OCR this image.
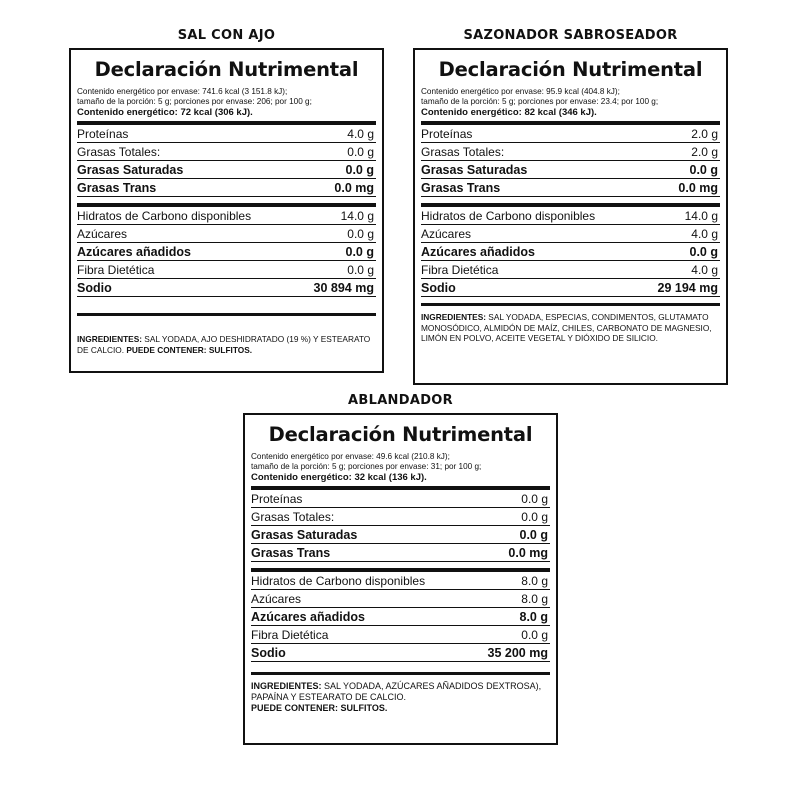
SAL CON AJO
Declaración Nutrimental
Contenido energético por envase: 741.6 kcal (3 151.8 kJ);
tamaño de la porción: 5 g; porciones por envase: 206; por 100 g;
Contenido energético: 72 kcal (306 kJ).
Proteínas	4.0 g
Grasas Totales:	0.0 g
Grasas Saturadas	0.0 g
Grasas Trans	0.0 mg
Hidratos de Carbono disponibles	14.0 g
Azúcares	0.0 g
Azúcares añadidos	0.0 g
Fibra Dietética	0.0 g
Sodio	30 894 mg
INGREDIENTES: SAL YODADA, AJO DESHIDRATADO (19 %) Y ESTEARATO DE CALCIO. PUEDE CONTENER: SULFITOS.
SAZONADOR SABROSEADOR
Declaración Nutrimental
Contenido energético por envase: 95.9 kcal (404.8 kJ);
tamaño de la porción: 5 g; porciones por envase: 23.4; por 100 g;
Contenido energético: 82 kcal (346 kJ).
Proteínas	2.0 g
Grasas Totales:	2.0 g
Grasas Saturadas	0.0 g
Grasas Trans	0.0 mg
Hidratos de Carbono disponibles	14.0 g
Azúcares	4.0 g
Azúcares añadidos	0.0 g
Fibra Dietética	4.0 g
Sodio	29 194 mg
INGREDIENTES: SAL YODADA, ESPECIAS, CONDIMENTOS, GLUTAMATO MONOSÓDICO, ALMIDÓN DE MAÍZ, CHILES, CARBONATO DE MAGNESIO, LIMÓN EN POLVO, ACEITE VEGETAL Y DIÓXIDO DE SILICIO.
ABLANDADOR
Declaración Nutrimental
Contenido energético por envase: 49.6 kcal (210.8 kJ);
tamaño de la porción: 5 g; porciones por envase: 31; por 100 g;
Contenido energético: 32 kcal (136 kJ).
Proteínas	0.0 g
Grasas Totales:	0.0 g
Grasas Saturadas	0.0 g
Grasas Trans	0.0 mg
Hidratos de Carbono disponibles	8.0 g
Azúcares	8.0 g
Azúcares añadidos	8.0 g
Fibra Dietética	0.0 g
Sodio	35 200 mg
INGREDIENTES: SAL YODADA, AZÚCARES AÑADIDOS DEXTROSA), PAPAÍNA Y ESTEARATO DE CALCIO.
PUEDE CONTENER: SULFITOS.
